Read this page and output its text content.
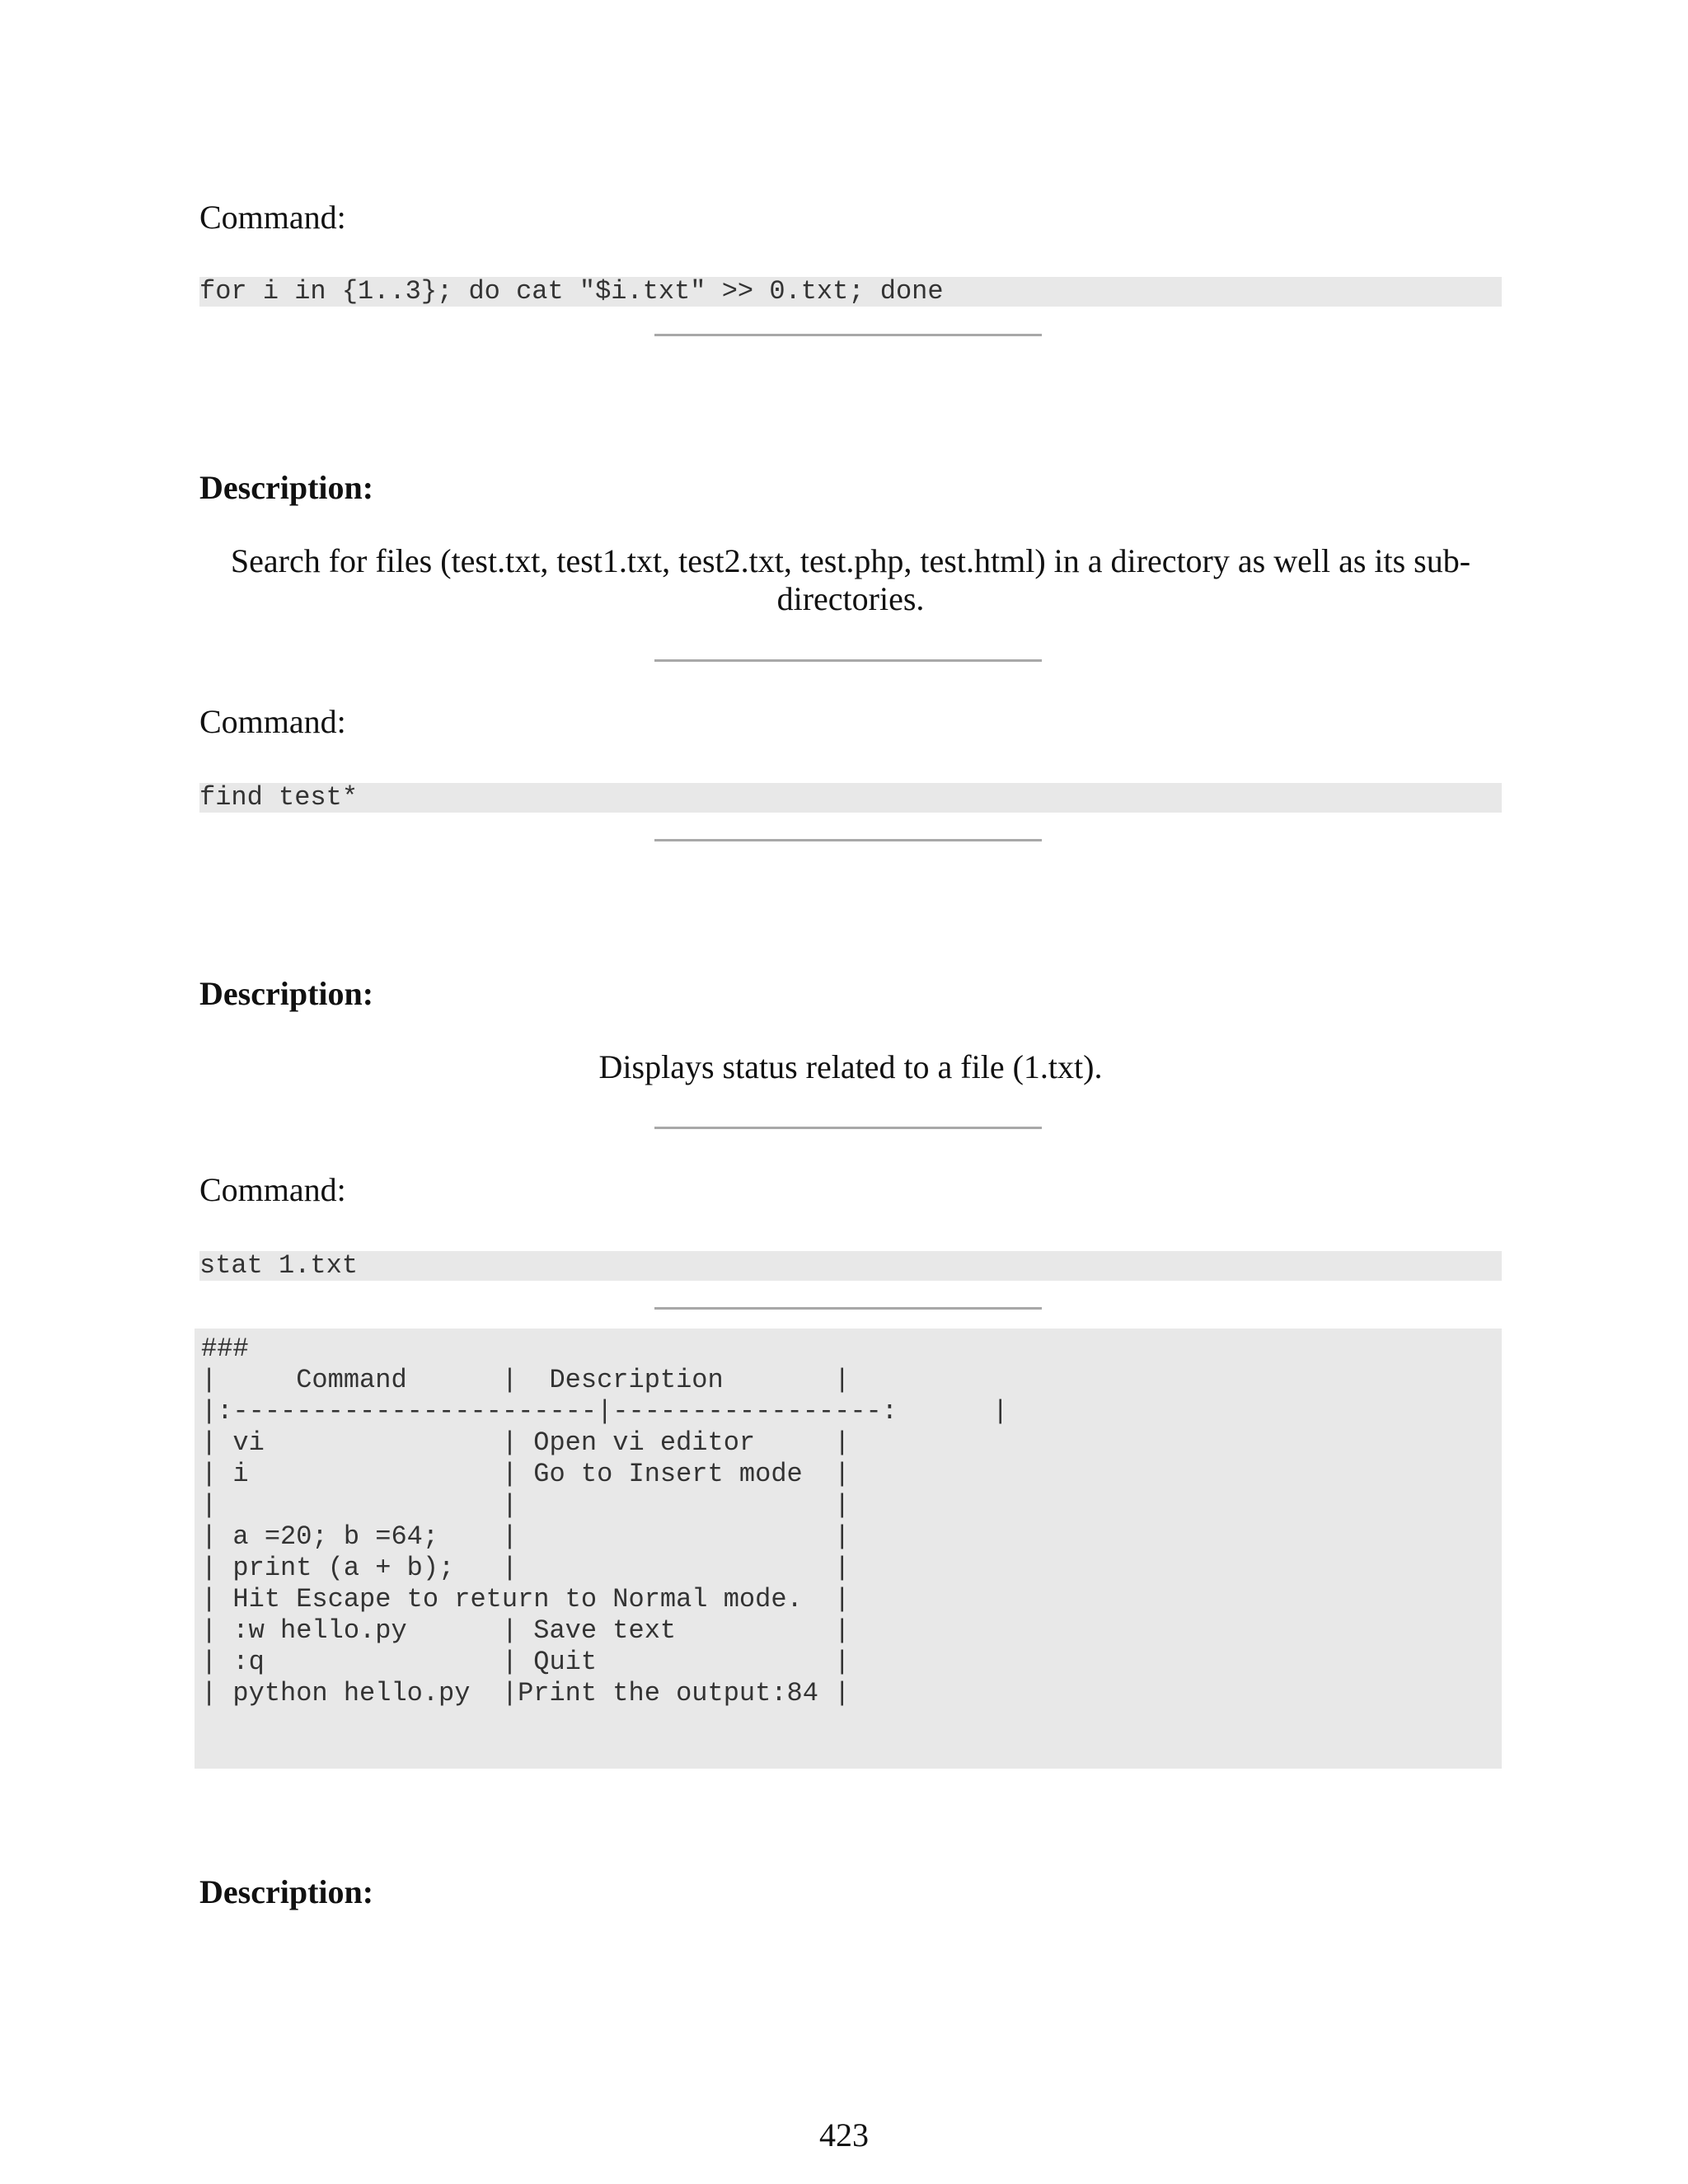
Command:

for i in {1..3}; do cat "$i.txt" >> 0.txt; done

Description:

Search for files (test.txt, test1.txt, test2.txt, test.php, test.html) in a directory as well as its sub-
directories.

Command:

find test*

Description:

Displays status related to a file (1.txt).

Command:

stat 1.txt
###
|     Command      |  Description       |
|:-----------------------|-----------------:      |
| vi               | Open vi editor     |
| i                | Go to Insert mode  |
|                  |                    |
| a =20; b =64;    |                    |
| print (a + b);   |                    |
| Hit Escape to return to Normal mode.  |
| :w hello.py      | Save text          |
| :q               | Quit               |
| python hello.py  |Print the output:84 |

Description:

423
